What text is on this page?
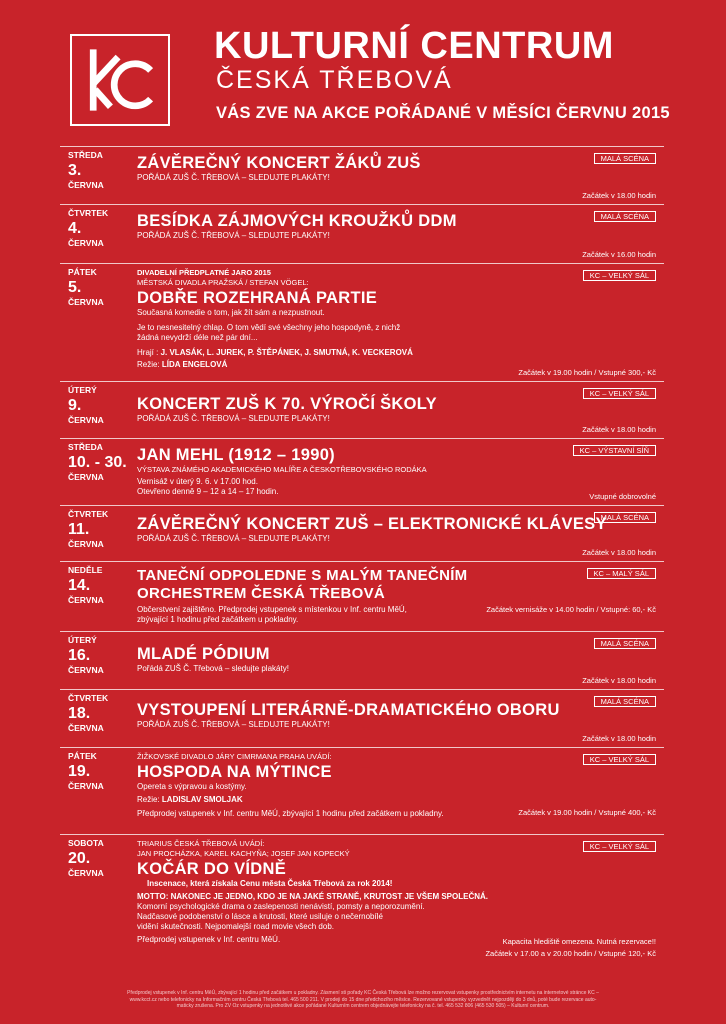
KULTURNÍ CENTRUM
ČESKÁ TŘEBOVÁ
VÁS ZVE NA AKCE POŘÁDANÉ V MĚSÍCI ČERVNU 2015
STŘEDA
3.
ČERVNA
ZÁVĚREČNÝ KONCERT ŽÁKŮ ZUŠ
POŘÁDÁ ZUŠ Č. TŘEBOVÁ – SLEDUJTE PLAKÁTY!
MALÁ SCÉNA
Začátek v 18.00 hodin
ČTVRTEK
4.
ČERVNA
BESÍDKA ZÁJMOVÝCH KROUŽKŮ DDM
POŘÁDÁ ZUŠ Č. TŘEBOVÁ – SLEDUJTE PLAKÁTY!
MALÁ SCÉNA
Začátek v 16.00 hodin
PÁTEK
5.
ČERVNA
DIVADELNÍ PŘEDPLATNÉ JARO 2015
MĚSTSKÁ DIVADLA PRAŽSKÁ / STEFAN VÖGEL:
DOBŘE ROZEHRANÁ PARTIE
Současná komedie o tom, jak žít sám a nezpustnout.
Je to nesnesitelný chlap. O tom vědí své všechny jeho hospodyně, z nichž
žádná nevydrží déle než pár dní...
Hrají : J. VLASÁK, L. JUREK, P. ŠTĚPÁNEK, J. SMUTNÁ, K. VECKEROVÁ
Režie: LÍDA ENGELOVÁ
KC – VELKÝ SÁL
Začátek v 19.00 hodin / Vstupné 300,- Kč
ÚTERÝ
9.
ČERVNA
KONCERT ZUŠ K 70. VÝROČÍ ŠKOLY
POŘÁDÁ ZUŠ Č. TŘEBOVÁ – SLEDUJTE PLAKÁTY!
KC – VELKÝ SÁL
Začátek v 18.00 hodin
STŘEDA
10. - 30.
ČERVNA
JAN MEHL (1912 – 1990)
VÝSTAVA ZNÁMÉHO AKADEMICKÉHO MALÍŘE A ČESKOTŘEBOVSKÉHO RODÁKA
Vernisáž v úterý 9. 6. v 17.00 hod.
Otevřeno denně 9 – 12 a 14 – 17 hodin.
KC – VÝSTAVNÍ SÍŇ
Vstupné dobrovolné
ČTVRTEK
11.
ČERVNA
ZÁVĚREČNÝ KONCERT ZUŠ – ELEKTRONICKÉ KLÁVESY
POŘÁDÁ ZUŠ Č. TŘEBOVÁ – SLEDUJTE PLAKÁTY!
MALÁ SCÉNA
Začátek v 18.00 hodin
NEDĚLE
14.
ČERVNA
TANEČNÍ ODPOLEDNE S MALÝM TANEČNÍM
ORCHESTREM ČESKÁ TŘEBOVÁ
Občerstvení zajištěno. Předprodej vstupenek s místenkou v Inf. centru MěÚ,
zbývající 1 hodinu před začátkem u pokladny.
KC – MALÝ SÁL
Začátek vernisáže v 14.00 hodin / Vstupné: 60,- Kč
ÚTERÝ
16.
ČERVNA
MLADÉ PÓDIUM
Pořádá ZUŠ Č. Třebová – sledujte plakáty!
MALÁ SCÉNA
Začátek v 18.00 hodin
ČTVRTEK
18.
ČERVNA
VYSTOUPENÍ LITERÁRNĚ-DRAMATICKÉHO OBORU
POŘÁDÁ ZUŠ Č. TŘEBOVÁ – SLEDUJTE PLAKÁTY!
MALÁ SCÉNA
Začátek v 18.00 hodin
PÁTEK
19.
ČERVNA
ŽIŽKOVSKÉ DIVADLO JÁRY CIMRMANA PRAHA UVÁDÍ:
HOSPODA NA MÝTINCE
Opereta s výpravou a kostýmy.
Režie: LADISLAV SMOLJAK
Předprodej vstupenek v Inf. centru MěÚ, zbývající 1 hodinu před začátkem u pokladny.
KC – VELKÝ SÁL
Začátek v 19.00 hodin / Vstupné 400,- Kč
SOBOTA
20.
ČERVNA
TRIARIUS ČESKÁ TŘEBOVÁ UVÁDÍ:
JAN PROCHÁZKA, KAREL KACHYŇA; JOSEF JAN KOPECKÝ
KOČÁR DO VÍDNĚ
Inscenace, která získala Cenu města Česká Třebová za rok 2014!
MOTTO: NAKONEC JE JEDNO, KDO JE NA JAKÉ STRANĚ, KRUTOST JE VŠEM SPOLEČNÁ.
Komorní psychologické drama o zaslepenosti nenávistí, pomsty a neporozumění.
Nadčasové podobenství o lásce a krutosti, které usiluje o nečernobílé
vidění skutečnosti. Nejpomalejší road movie všech dob.
Předprodej vstupenek v Inf. centru MěÚ.
KC – VELKÝ SÁL
Kapacita hlediště omezena. Nutná rezervace!!
Začátek v 17.00 a v 20.00 hodin / Vstupné 120,- Kč
Předprodej vstupenek v Inf. centru MěÚ, zbývající 1 hodinu před začátkem u pokladny. Zásmení sti pořady KC Česká Třebová lze možno rezervovat vstupenky prostřednictvím internetu na internetové stránce KC –
www.kcct.cz nebo telefonicky na Informačním centru Česká Třebová tel. 465 500 211. V prodeji do 15 dne předchozího měsíce. Rezervované vstupenky vyzvednět nejpozději do 3 dnů, poté bude rezervace auto-
maticky zrušena. Pro ZV Oz vstupenky na jednotlivé akce pořádané Kulturním centrem objednávejte telefonicky na č. tel. 465 532 806 (465 530 505) – Kulturní centrum.
